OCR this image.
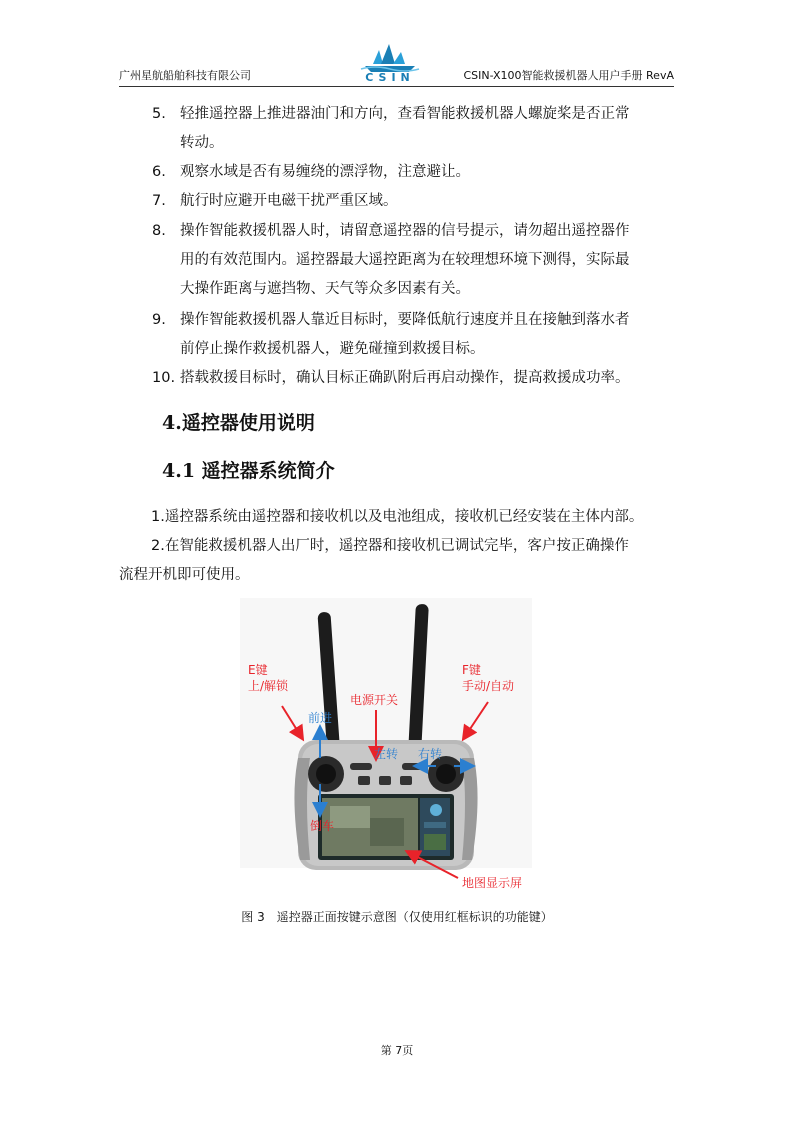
广州星航船舶科技有限公司	CSIN	CSIN-X100智能救援机器人用户手册 RevA
5. 轻推遥控器上推进器油门和方向，查看智能救援机器人螺旋桨是否正常
转动。
6. 观察水域是否有易缠绕的漂浮物，注意避让。
7. 航行时应避开电磁干扰严重区域。
8. 操作智能救援机器人时，请留意遥控器的信号提示，请勿超出遥控器作
用的有效范围内。遥控器最大遥控距离为在较理想环境下测得，实际最
大操作距离与遮挡物、天气等众多因素有关。
9. 操作智能救援机器人靠近目标时，要降低航行速度并且在接触到落水者
前停止操作救援机器人，避免碰撞到救援目标。
10. 搭载救援目标时，确认目标正确趴附后再启动操作，提高救援成功率。
4.遥控器使用说明
4.1 遥控器系统简介
1.遥控器系统由遥控器和接收机以及电池组成，接收机已经安装在主体内部。
2.在智能救援机器人出厂时，遥控器和接收机已调试完毕，客户按正确操作
流程开机即可使用。
E键
上/解锁
F键
手动/自动
电源开关
前进
倒车
左转 右转
地图显示屏
图 3　遥控器正面按键示意图（仅使用红框标识的功能键）
第 7页
